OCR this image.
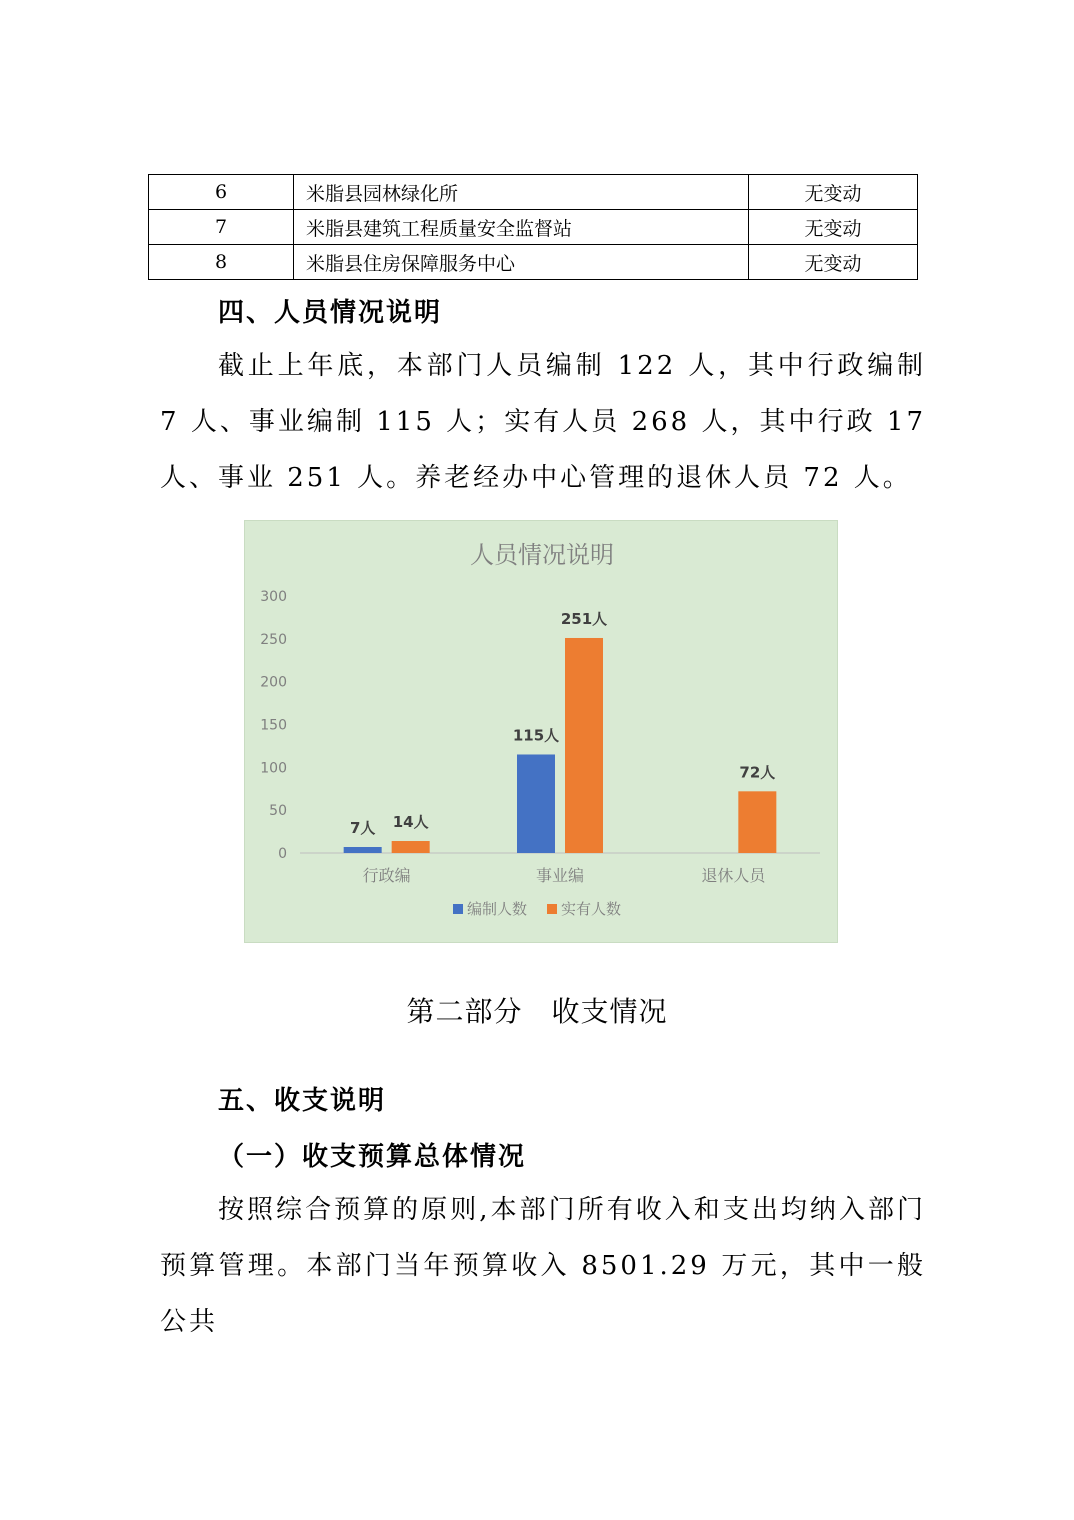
6	米脂县园林绿化所	无变动
7	米脂县建筑工程质量安全监督站	无变动
8	米脂县住房保障服务中心	无变动
四、人员情况说明
截止上年底，本部门人员编制 122 人，其中行政编制 7 人、事业编制 115 人；实有人员 268 人，其中行政 17 人、事业 251 人。养老经办中心管理的退休人员 72 人。
人员情况说明
0
50
100
150
200
250
300
行政编
7人 14人
事业编
115人
251人
退休人员
72人
编制人数 实有人数
第二部分　收支情况
五、收支说明
（一）收支预算总体情况
按照综合预算的原则,本部门所有收入和支出均纳入部门预算管理。本部门当年预算收入 8501.29 万元，其中一般公共
